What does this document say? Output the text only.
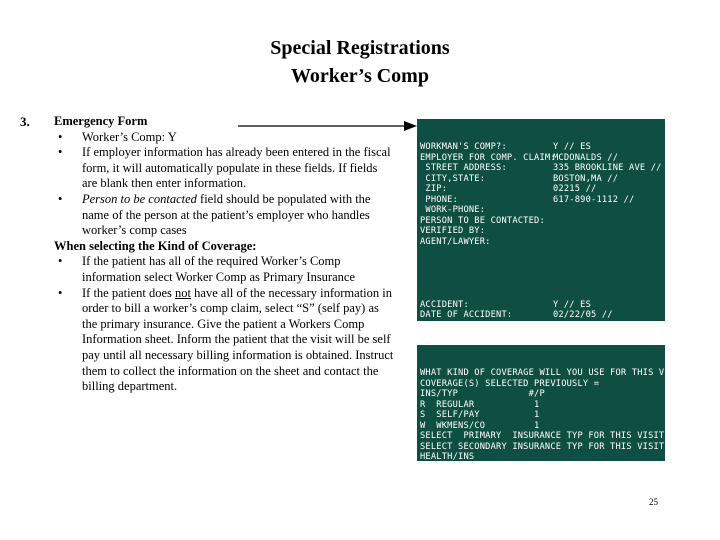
Special Registrations
Worker’s Comp
3. Emergency Form
• Worker’s Comp: Y
• If employer information has already been entered in the fiscal form, it will automatically populate in these fields. If fields are blank then enter information.
• Person to be contacted field should be populated with the name of the person at the patient’s employer who handles worker’s comp cases
When selecting the Kind of Coverage:
• If the patient has all of the required Worker’s Comp information select Worker Comp as Primary Insurance
• If the patient does not have all of the necessary information in order to bill a worker’s comp claim, select “S” (self pay) as the primary insurance. Give the patient a Workers Comp Information sheet. Inform the patient that the visit will be self pay until all necessary billing information is obtained. Instruct them to collect the information on the sheet and contact the billing department.

WORKMAN'S COMP?:	Y // ES
EMPLOYER FOR COMP. CLAIM:
MCDONALDS //
STREET ADDRESS:	335 BROOKLINE AVE //
CITY,STATE:	BOSTON,MA //
ZIP:	02215 //
PHONE:	617-890-1112 //
WORK-PHONE:
PERSON TO BE CONTACTED:
VERIFIED BY:
AGENT/LAWYER:

ACCIDENT:	Y // ES
DATE OF ACCIDENT:	02/22/05 //
TIME OF ACCIDENT:	1200 //
EU ACC OCCURENCE CODES: 1 //  WORK RELATED

WHAT KIND OF COVERAGE WILL YOU USE FOR THIS VISIT
COVERAGE(S) SELECTED PREVIOUSLY =
INS/TYP             #/P
R  REGULAR           1
S  SELF/PAY          1
W  WKMENS/CO         1
SELECT  PRIMARY  INSURANCE TYP FOR THIS VISIT :S
SELECT SECONDARY INSURANCE TYP FOR THIS VISIT :
HEALTH/INS
HI1: 01001 SELF PAY  TYPE>   //

25
